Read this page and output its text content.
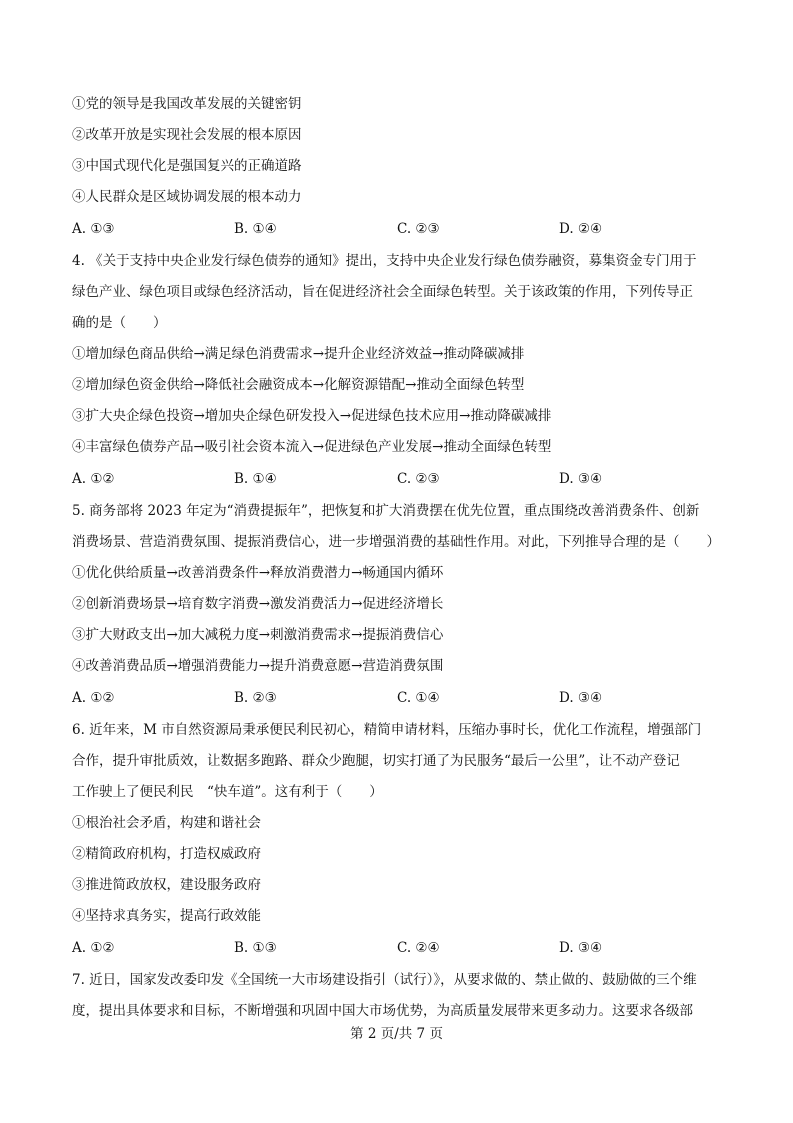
①党的领导是我国改革发展的关键密钥
②改革开放是实现社会发展的根本原因
③中国式现代化是强国复兴的正确道路
④人民群众是区域协调发展的根本动力
A. ①③	B. ①④	C. ②③	D. ②④
4. 《关于支持中央企业发行绿色债券的通知》提出，支持中央企业发行绿色债券融资，募集资金专门用于
绿色产业、绿色项目或绿色经济活动，旨在促进经济社会全面绿色转型。关于该政策的作用，下列传导正
确的是（　　）
①增加绿色商品供给→满足绿色消费需求→提升企业经济效益→推动降碳减排
②增加绿色资金供给→降低社会融资成本→化解资源错配→推动全面绿色转型
③扩大央企绿色投资→增加央企绿色研发投入→促进绿色技术应用→推动降碳减排
④丰富绿色债券产品→吸引社会资本流入→促进绿色产业发展→推动全面绿色转型
A. ①②	B. ①④	C. ②③	D. ③④
5. 商务部将 2023 年定为“消费提振年”，把恢复和扩大消费摆在优先位置，重点围绕改善消费条件、创新
消费场景、营造消费氛围、提振消费信心，进一步增强消费的基础性作用。对此，下列推导合理的是（　　）
①优化供给质量→改善消费条件→释放消费潜力→畅通国内循环
②创新消费场景→培育数字消费→激发消费活力→促进经济增长
③扩大财政支出→加大减税力度→刺激消费需求→提振消费信心
④改善消费品质→增强消费能力→提升消费意愿→营造消费氛围
A. ①②	B. ②③	C. ①④	D. ③④
6. 近年来，M 市自然资源局秉承便民利民初心，精简申请材料，压缩办事时长，优化工作流程，增强部门
合作，提升审批质效，让数据多跑路、群众少跑腿，切实打通了为民服务“最后一公里”，让不动产登记
工作驶上了便民利民　“快车道”。这有利于（　　）
①根治社会矛盾，构建和谐社会
②精简政府机构，打造权威政府
③推进简政放权，建设服务政府
④坚持求真务实，提高行政效能
A. ①②	B. ①③	C. ②④	D. ③④
7. 近日，国家发改委印发《全国统一大市场建设指引（试行）》，从要求做的、禁止做的、鼓励做的三个维
度，提出具体要求和目标，不断增强和巩固中国大市场优势，为高质量发展带来更多动力。这要求各级部
第 2 页/共 7 页
